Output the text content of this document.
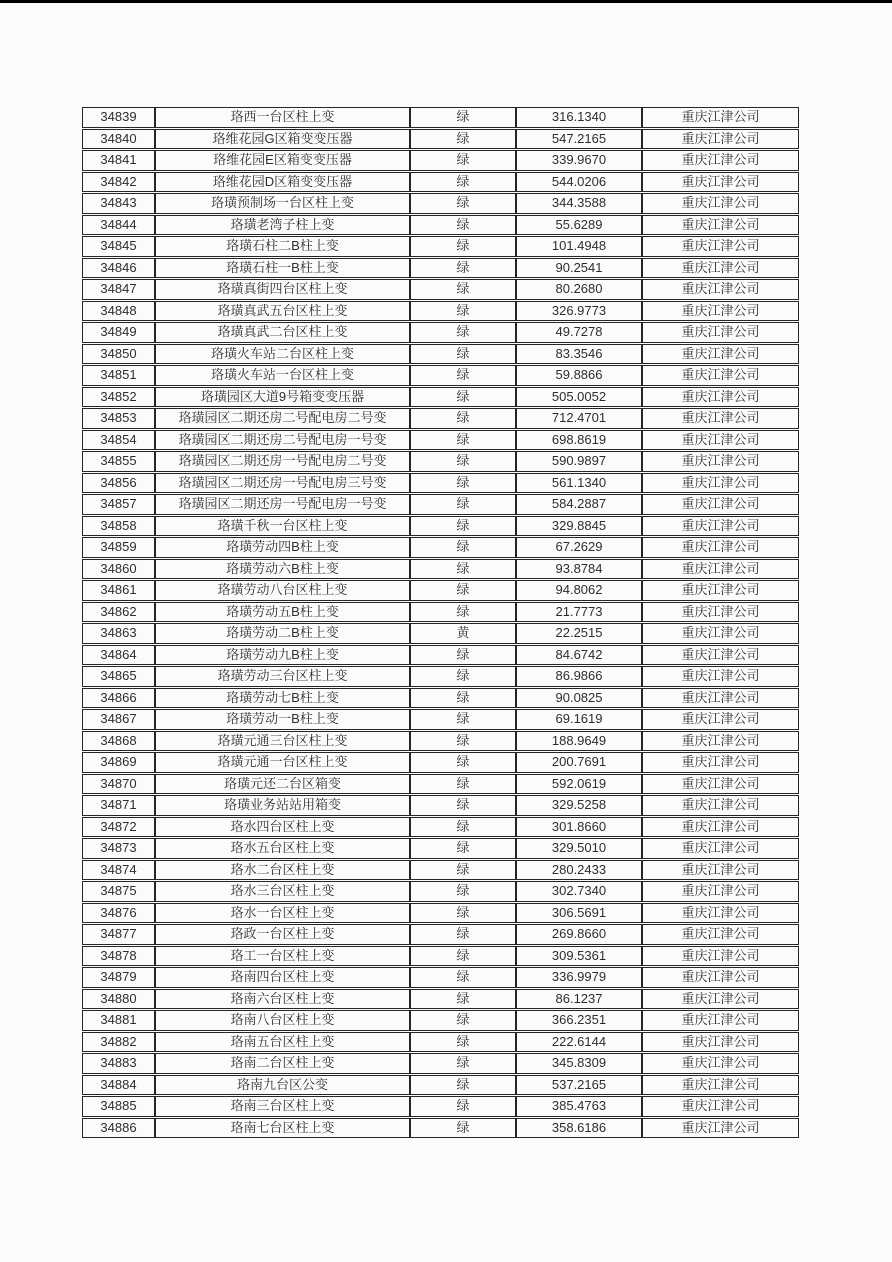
34839	珞西一台区柱上变	绿	316.1340	重庆江津公司
34840	珞维花园G区箱变变压器	绿	547.2165	重庆江津公司
34841	珞维花园E区箱变变压器	绿	339.9670	重庆江津公司
34842	珞维花园D区箱变变压器	绿	544.0206	重庆江津公司
34843	珞璜预制场一台区柱上变	绿	344.3588	重庆江津公司
34844	珞璜老湾子柱上变	绿	55.6289	重庆江津公司
34845	珞璜石柱二B柱上变	绿	101.4948	重庆江津公司
34846	珞璜石柱一B柱上变	绿	90.2541	重庆江津公司
34847	珞璜真街四台区柱上变	绿	80.2680	重庆江津公司
34848	珞璜真武五台区柱上变	绿	326.9773	重庆江津公司
34849	珞璜真武二台区柱上变	绿	49.7278	重庆江津公司
34850	珞璜火车站二台区柱上变	绿	83.3546	重庆江津公司
34851	珞璜火车站一台区柱上变	绿	59.8866	重庆江津公司
34852	珞璜园区大道9号箱变变压器	绿	505.0052	重庆江津公司
34853	珞璜园区二期还房二号配电房二号变	绿	712.4701	重庆江津公司
34854	珞璜园区二期还房二号配电房一号变	绿	698.8619	重庆江津公司
34855	珞璜园区二期还房一号配电房二号变	绿	590.9897	重庆江津公司
34856	珞璜园区二期还房一号配电房三号变	绿	561.1340	重庆江津公司
34857	珞璜园区二期还房一号配电房一号变	绿	584.2887	重庆江津公司
34858	珞璜千秋一台区柱上变	绿	329.8845	重庆江津公司
34859	珞璜劳动四B柱上变	绿	67.2629	重庆江津公司
34860	珞璜劳动六B柱上变	绿	93.8784	重庆江津公司
34861	珞璜劳动八台区柱上变	绿	94.8062	重庆江津公司
34862	珞璜劳动五B柱上变	绿	21.7773	重庆江津公司
34863	珞璜劳动二B柱上变	黄	22.2515	重庆江津公司
34864	珞璜劳动九B柱上变	绿	84.6742	重庆江津公司
34865	珞璜劳动三台区柱上变	绿	86.9866	重庆江津公司
34866	珞璜劳动七B柱上变	绿	90.0825	重庆江津公司
34867	珞璜劳动一B柱上变	绿	69.1619	重庆江津公司
34868	珞璜元通三台区柱上变	绿	188.9649	重庆江津公司
34869	珞璜元通一台区柱上变	绿	200.7691	重庆江津公司
34870	珞璜元还二台区箱变	绿	592.0619	重庆江津公司
34871	珞璜业务站站用箱变	绿	329.5258	重庆江津公司
34872	珞水四台区柱上变	绿	301.8660	重庆江津公司
34873	珞水五台区柱上变	绿	329.5010	重庆江津公司
34874	珞水二台区柱上变	绿	280.2433	重庆江津公司
34875	珞水三台区柱上变	绿	302.7340	重庆江津公司
34876	珞水一台区柱上变	绿	306.5691	重庆江津公司
34877	珞政一台区柱上变	绿	269.8660	重庆江津公司
34878	珞工一台区柱上变	绿	309.5361	重庆江津公司
34879	珞南四台区柱上变	绿	336.9979	重庆江津公司
34880	珞南六台区柱上变	绿	86.1237	重庆江津公司
34881	珞南八台区柱上变	绿	366.2351	重庆江津公司
34882	珞南五台区柱上变	绿	222.6144	重庆江津公司
34883	珞南二台区柱上变	绿	345.8309	重庆江津公司
34884	珞南九台区公变	绿	537.2165	重庆江津公司
34885	珞南三台区柱上变	绿	385.4763	重庆江津公司
34886	珞南七台区柱上变	绿	358.6186	重庆江津公司
